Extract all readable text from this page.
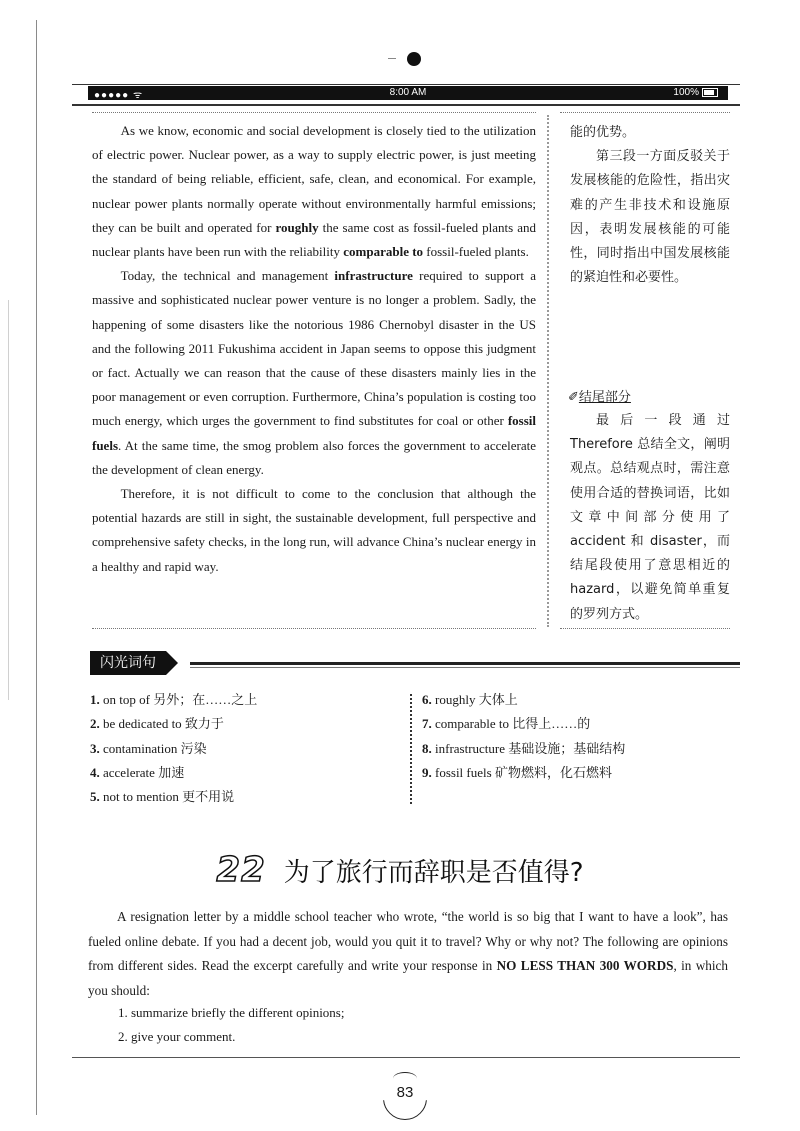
●●●●● ᯤ	8:00 AM	100%

As we know, economic and social development is closely tied to the utilization of electric power. Nuclear power, as a way to supply electric power, is just meeting the standard of being reliable, efficient, safe, clean, and economical. For example, nuclear power plants normally operate without environmentally harmful emissions; they can be built and operated for roughly the same cost as fossil-fueled plants and nuclear plants have been run with the reliability comparable to fossil-fueled plants.

Today, the technical and management infrastructure required to support a massive and sophisticated nuclear power venture is no longer a problem. Sadly, the happening of some disasters like the notorious 1986 Chernobyl disaster in the US and the following 2011 Fukushima accident in Japan seems to oppose this judgment or fact. Actually we can reason that the cause of these disasters mainly lies in the poor management or even corruption. Furthermore, China’s population is costing too much energy, which urges the government to find substitutes for coal or other fossil fuels. At the same time, the smog problem also forces the government to accelerate the development of clean energy.

Therefore, it is not difficult to come to the conclusion that although the potential hazards are still in sight, the sustainable development, full perspective and comprehensive safety checks, in the long run, will advance China’s nuclear energy in a healthy and rapid way.

能的优势。

第三段一方面反驳关于发展核能的危险性，指出灾难的产生非技术和设施原因，表明发展核能的可能性，同时指出中国发展核能的紧迫性和必要性。

✐结尾部分

最后一段通过 Therefore 总结全文，阐明观点。总结观点时，需注意使用合适的替换词语，比如文章中间部分使用了 accident 和 disaster，而结尾段使用了意思相近的 hazard，以避免简单重复的罗列方式。

闪光词句
1. on top of 另外；在……之上
2. be dedicated to 致力于
3. contamination 污染
4. accelerate 加速
5. not to mention 更不用说
6. roughly 大体上
7. comparable to 比得上……的
8. infrastructure 基础设施；基础结构
9. fossil fuels 矿物燃料，化石燃料
22 为了旅行而辞职是否值得?

A resignation letter by a middle school teacher who wrote, “the world is so big that I want to have a look”, has fueled online debate. If you had a decent job, would you quit it to travel? Why or why not? The following are opinions from different sides. Read the excerpt carefully and write your response in NO LESS THAN 300 WORDS, in which you should:

1. summarize briefly the different opinions;
2. give your comment.
83
